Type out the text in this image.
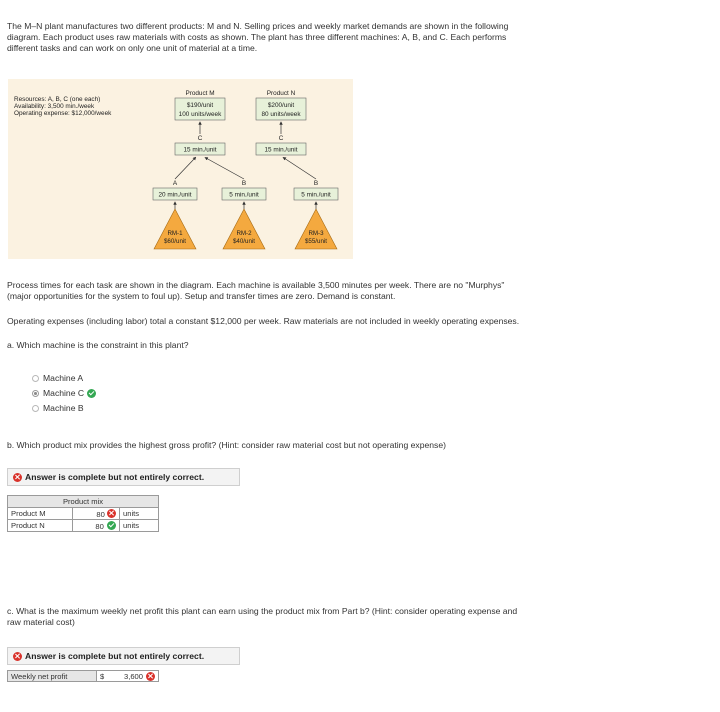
The M–N plant manufactures two different products: M and N. Selling prices and weekly market demands are shown in the following

diagram. Each product uses raw materials with costs as shown. The plant has three different machines: A, B, and C. Each performs

different tasks and can work on only one unit of material at a time.

Resources: A, B, C (one each)
Availability: 3,500 min./week
Operating expense: $12,000/week
Product M
$190/unit
100 units/week
Product N
$200/unit
80 units/week
C
15 min./unit
C
15 min./unit
A
20 min./unit
B
5 min./unit
B
5 min./unit
RM-1
$60/unit
RM-2
$40/unit
RM-3
$55/unit

Process times for each task are shown in the diagram. Each machine is available 3,500 minutes per week. There are no "Murphys"

(major opportunities for the system to foul up). Setup and transfer times are zero. Demand is constant.

Operating expenses (including labor) total a constant $12,000 per week. Raw materials are not included in weekly operating expenses.

a. Which machine is the constraint in this plant?

Machine A
Machine C
Machine B

b. Which product mix provides the highest gross profit? (Hint: consider raw material cost but not operating expense)

Answer is complete but not entirely correct.
Product mix		
Product M	80	units
Product N	80	units

c. What is the maximum weekly net profit this plant can earn using the product mix from Part b? (Hint: consider operating expense and

raw material cost)

Answer is complete but not entirely correct.
Weekly net profit	$	3,600
